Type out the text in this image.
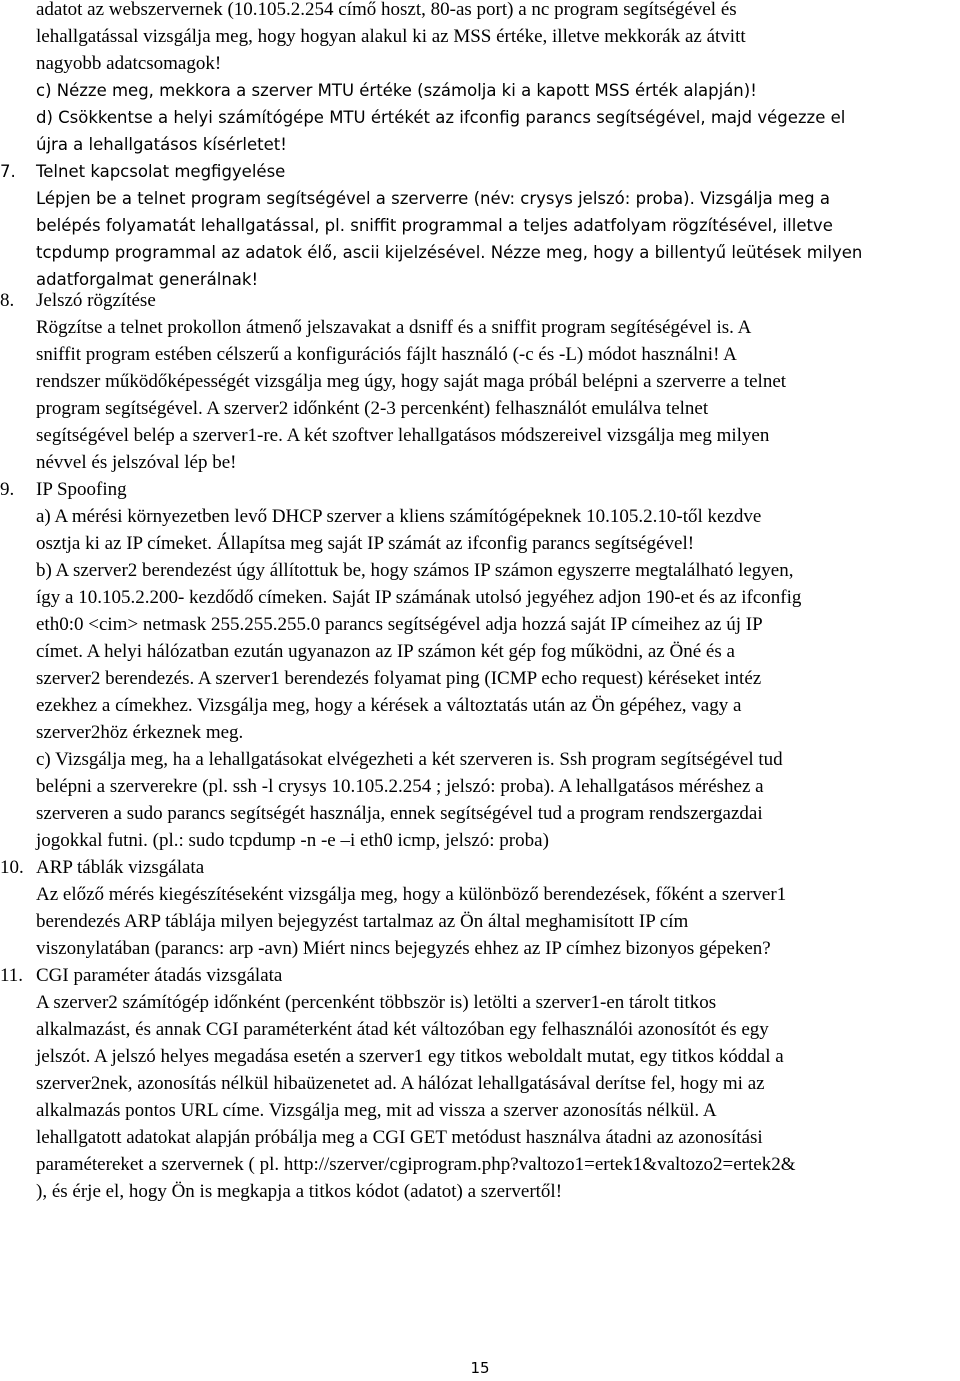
adatot az webszervernek (10.105.2.254 címő hoszt, 80-as port) a nc program segítségével és
lehallgatással vizsgálja meg, hogy hogyan alakul ki az MSS értéke, illetve mekkorák az átvitt
nagyobb adatcsomagok!
c) Nézze meg, mekkora a szerver MTU értéke (számolja ki a kapott MSS érték alapján)!
d) Csökkentse a helyi számítógépe MTU értékét az ifconfig parancs segítségével, majd végezze el
újra a lehallgatásos kísérletet!
7.	Telnet kapcsolat megfigyelése
Lépjen be a telnet program segítségével a szerverre (név: crysys jelszó: proba). Vizsgálja meg a
belépés folyamatát lehallgatással, pl. sniffit programmal a teljes adatfolyam rögzítésével, illetve
tcpdump programmal az adatok élő, ascii kijelzésével. Nézze meg, hogy a billentyű leütések milyen
adatforgalmat generálnak!
8.	Jelszó rögzítése
Rögzítse a telnet prokollon átmenő jelszavakat a dsniff és a sniffit program segítéségével is. A
sniffit program estében célszerű a konfigurációs fájlt használó (-c és -L) módot használni! A
rendszer működőképességét vizsgálja meg úgy, hogy saját maga próbál belépni a szerverre a telnet
program segítségével. A szerver2 időnként (2-3 percenként) felhasználót emulálva telnet
segítségével belép a szerver1-re. A két szoftver lehallgatásos módszereivel vizsgálja meg milyen
névvel és jelszóval lép be!
9.	IP Spoofing
a) A mérési környezetben levő DHCP szerver a kliens számítógépeknek 10.105.2.10-től kezdve
osztja ki az IP címeket. Állapítsa meg saját IP számát az ifconfig parancs segítségével!
b) A szerver2 berendezést úgy állítottuk be, hogy számos IP számon egyszerre megtalálható legyen,
így a 10.105.2.200- kezdődő címeken. Saját IP számának utolsó jegyéhez adjon 190-et és az ifconfig
eth0:0 <cim> netmask 255.255.255.0 parancs segítségével adja hozzá saját IP címeihez az új IP
címet. A helyi hálózatban ezután ugyanazon az IP számon két gép fog működni, az Öné és a
szerver2 berendezés. A szerver1 berendezés folyamat ping (ICMP echo request) kéréseket intéz
ezekhez a címekhez. Vizsgálja meg, hogy a kérések a változtatás után az Ön gépéhez, vagy a
szerver2höz érkeznek meg.
c) Vizsgálja meg, ha a lehallgatásokat elvégezheti a két szerveren is. Ssh program segítségével tud
belépni a szerverekre (pl. ssh -l crysys 10.105.2.254 ; jelszó: proba). A lehallgatásos méréshez a
szerveren a sudo parancs segítségét használja, ennek segítségével tud a program rendszergazdai
jogokkal futni. (pl.: sudo tcpdump -n -e –i eth0 icmp, jelszó: proba)
10. ARP táblák vizsgálata
Az előző mérés kiegészítéseként vizsgálja meg, hogy a különböző berendezések, főként a szerver1
berendezés ARP táblája milyen bejegyzést tartalmaz az Ön által meghamisított IP cím
viszonylatában (parancs: arp -avn) Miért nincs bejegyzés ehhez az IP címhez bizonyos gépeken?
11. CGI paraméter átadás vizsgálata
A szerver2 számítógép időnként (percenként többször is) letölti a szerver1-en tárolt titkos
alkalmazást, és annak CGI paraméterként átad két változóban egy felhasználói azonosítót és egy
jelszót. A jelszó helyes megadása esetén a szerver1 egy titkos weboldalt mutat, egy titkos kóddal a
szerver2nek, azonosítás nélkül hibaüzenetet ad. A hálózat lehallgatásával derítse fel, hogy mi az
alkalmazás pontos URL címe. Vizsgálja meg, mit ad vissza a szerver azonosítás nélkül. A
lehallgatott adatokat alapján próbálja meg a CGI GET metódust használva átadni az azonosítási
paramétereket a szervernek ( pl. http://szerver/cgiprogram.php?valtozo1=ertek1&valtozo2=ertek2&
), és érje el, hogy Ön is megkapja a titkos kódot (adatot) a szervertől!
15
